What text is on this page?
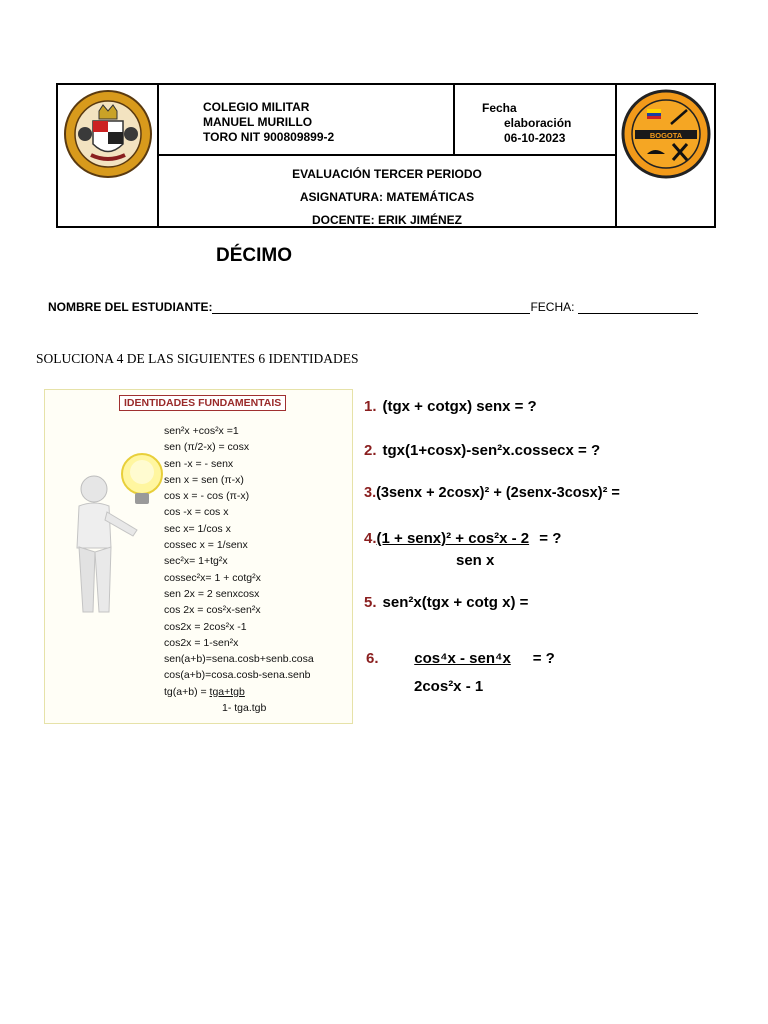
COLEGIO MILITAR
MANUEL MURILLO
TORO NIT 900809899-2
Fecha
elaboración
06-10-2023
EVALUACIÓN TERCER PERIODO
ASIGNATURA: MATEMÁTICAS
DOCENTE: ERIK JIMÉNEZ
BOGOTA
DÉCIMO
NOMBRE DEL ESTUDIANTE:	FECHA:
SOLUCIONA 4 DE LAS SIGUIENTES 6 IDENTIDADES
IDENTIDADES FUNDAMENTAIS
sen²x +cos²x =1
sen (π/2-x) = cosx
sen -x = - senx
sen x = sen (π-x)
cos x = - cos (π-x)
cos -x = cos x
sec x= 1/cos x
cossec x = 1/senx
sec²x= 1+tg²x
cossec²x= 1 + cotg²x
sen 2x = 2 senxcosx
cos 2x = cos²x-sen²x
cos2x = 2cos²x -1
cos2x = 1-sen²x
sen(a+b)=sena.cosb+senb.cosa
cos(a+b)=cosa.cosb-sena.senb
tg(a+b) = tga+tgb
1- tga.tgb
1. (tgx + cotgx) senx = ?
2. tgx(1+cosx)-sen²x.cossecx = ?
3.(3senx + 2cosx)² + (2senx-3cosx)² =
4.(1 + senx)² + cos²x - 2 = ?
sen x
5. sen²x(tgx + cotg x) =
6. cos⁴x - sen⁴x = ?
2cos²x - 1
